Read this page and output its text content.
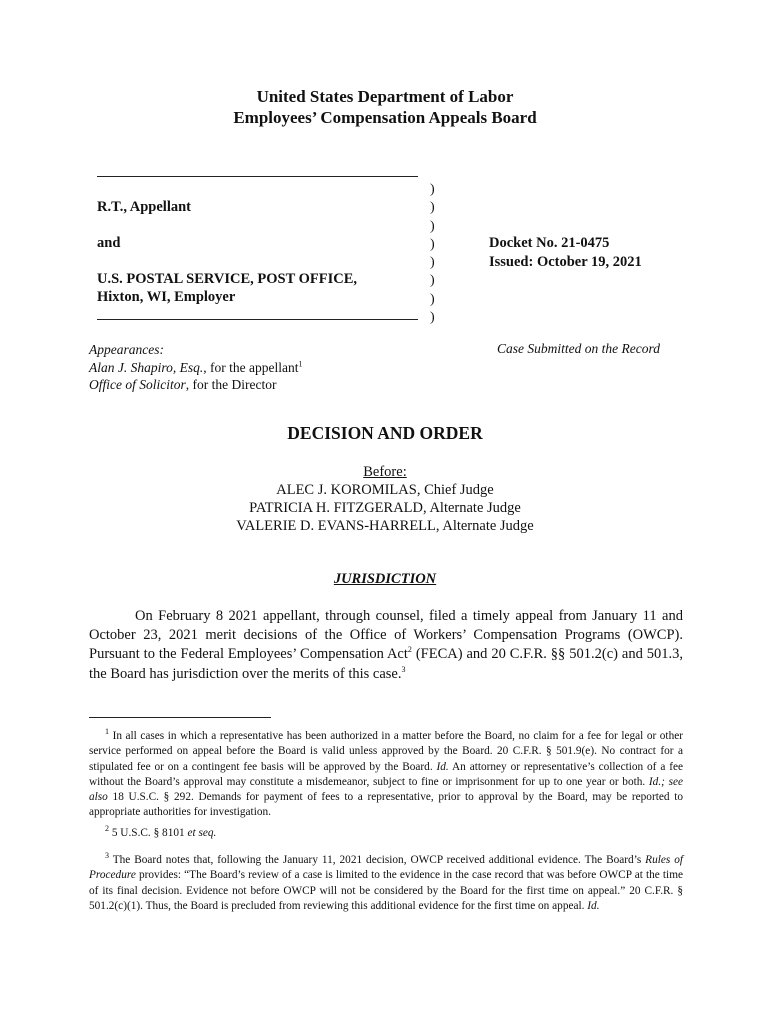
United States Department of Labor
Employees’ Compensation Appeals Board
R.T., Appellant
and
U.S. POSTAL SERVICE, POST OFFICE,
Hixton, WI, Employer
)
)
)
)
)
)
)
)
Docket No. 21-0475
Issued: October 19, 2021
Appearances:
Alan J. Shapiro, Esq., for the appellant$^1$
Office of Solicitor, for the Director
Case Submitted on the Record
DECISION AND ORDER
Before:
ALEC J. KOROMILAS, Chief Judge
PATRICIA H. FITZGERALD, Alternate Judge
VALERIE D. EVANS-HARRELL, Alternate Judge
JURISDICTION

On February 8 2021 appellant, through counsel, filed a timely appeal from January 11 and October 23, 2021 merit decisions of the Office of Workers’ Compensation Programs (OWCP). Pursuant to the Federal Employees’ Compensation Act$^2$ (FECA) and 20 C.F.R. §§ 501.2(c) and 501.3, the Board has jurisdiction over the merits of this case.$^3$

$^1$ In all cases in which a representative has been authorized in a matter before the Board, no claim for a fee for legal or other service performed on appeal before the Board is valid unless approved by the Board. 20 C.F.R. § 501.9(e). No contract for a stipulated fee or on a contingent fee basis will be approved by the Board. Id. An attorney or representative’s collection of a fee without the Board’s approval may constitute a misdemeanor, subject to fine or imprisonment for up to one year or both. Id.; see also 18 U.S.C. § 292. Demands for payment of fees to a representative, prior to approval by the Board, may be reported to appropriate authorities for investigation.

$^2$ 5 U.S.C. § 8101 et seq.

$^3$ The Board notes that, following the January 11, 2021 decision, OWCP received additional evidence. The Board’s Rules of Procedure provides: “The Board’s review of a case is limited to the evidence in the case record that was before OWCP at the time of its final decision. Evidence not before OWCP will not be considered by the Board for the first time on appeal.” 20 C.F.R. § 501.2(c)(1). Thus, the Board is precluded from reviewing this additional evidence for the first time on appeal. Id.
